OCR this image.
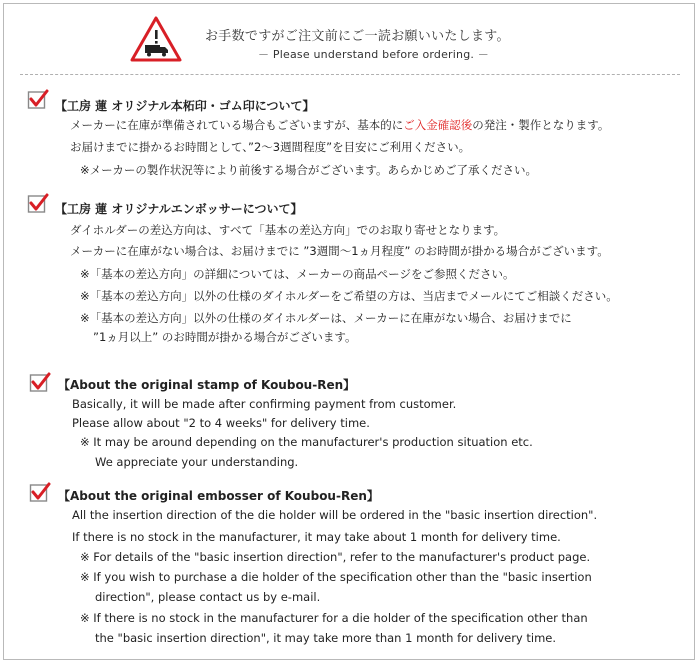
お手数ですがご注文前にご一読お願いいたします。
－ Please understand before ordering. －
【工房 蓮 オリジナル本柘印・ゴム印について】
メーカーに在庫が準備されている場合もございますが、基本的にご入金確認後の発注・製作となります。
お届けまでに掛かるお時間として、”2～3週間程度”を目安にご利用ください。
※メーカーの製作状況等により前後する場合がございます。あらかじめご了承ください。
【工房 蓮 オリジナルエンボッサーについて】
ダイホルダーの差込方向は、すべて「基本の差込方向」でのお取り寄せとなります。
メーカーに在庫がない場合は、お届けまでに ”3週間～1ヵ月程度” のお時間が掛かる場合がございます。
※「基本の差込方向」の詳細については、メーカーの商品ページをご参照ください。
※「基本の差込方向」以外の仕様のダイホルダーをご希望の方は、当店までメールにてご相談ください。
※「基本の差込方向」以外の仕様のダイホルダーは、メーカーに在庫がない場合、お届けまでに
”1ヵ月以上” のお時間が掛かる場合がございます。
【About the original stamp of Koubou-Ren】
Basically, it will be made after confirming payment from customer.
Please allow about "2 to 4 weeks" for delivery time.
※ It may be around depending on the manufacturer's production situation etc.
We appreciate your understanding.
【About the original embosser of Koubou-Ren】
All the insertion direction of the die holder will be ordered in the "basic insertion direction".
If there is no stock in the manufacturer, it may take about 1 month for delivery time.
※ For details of the "basic insertion direction", refer to the manufacturer's product page.
※ If you wish to purchase a die holder of the specification other than the "basic insertion
direction", please contact us by e-mail.
※ If there is no stock in the manufacturer for a die holder of the specification other than
the "basic insertion direction", it may take more than 1 month for delivery time.
